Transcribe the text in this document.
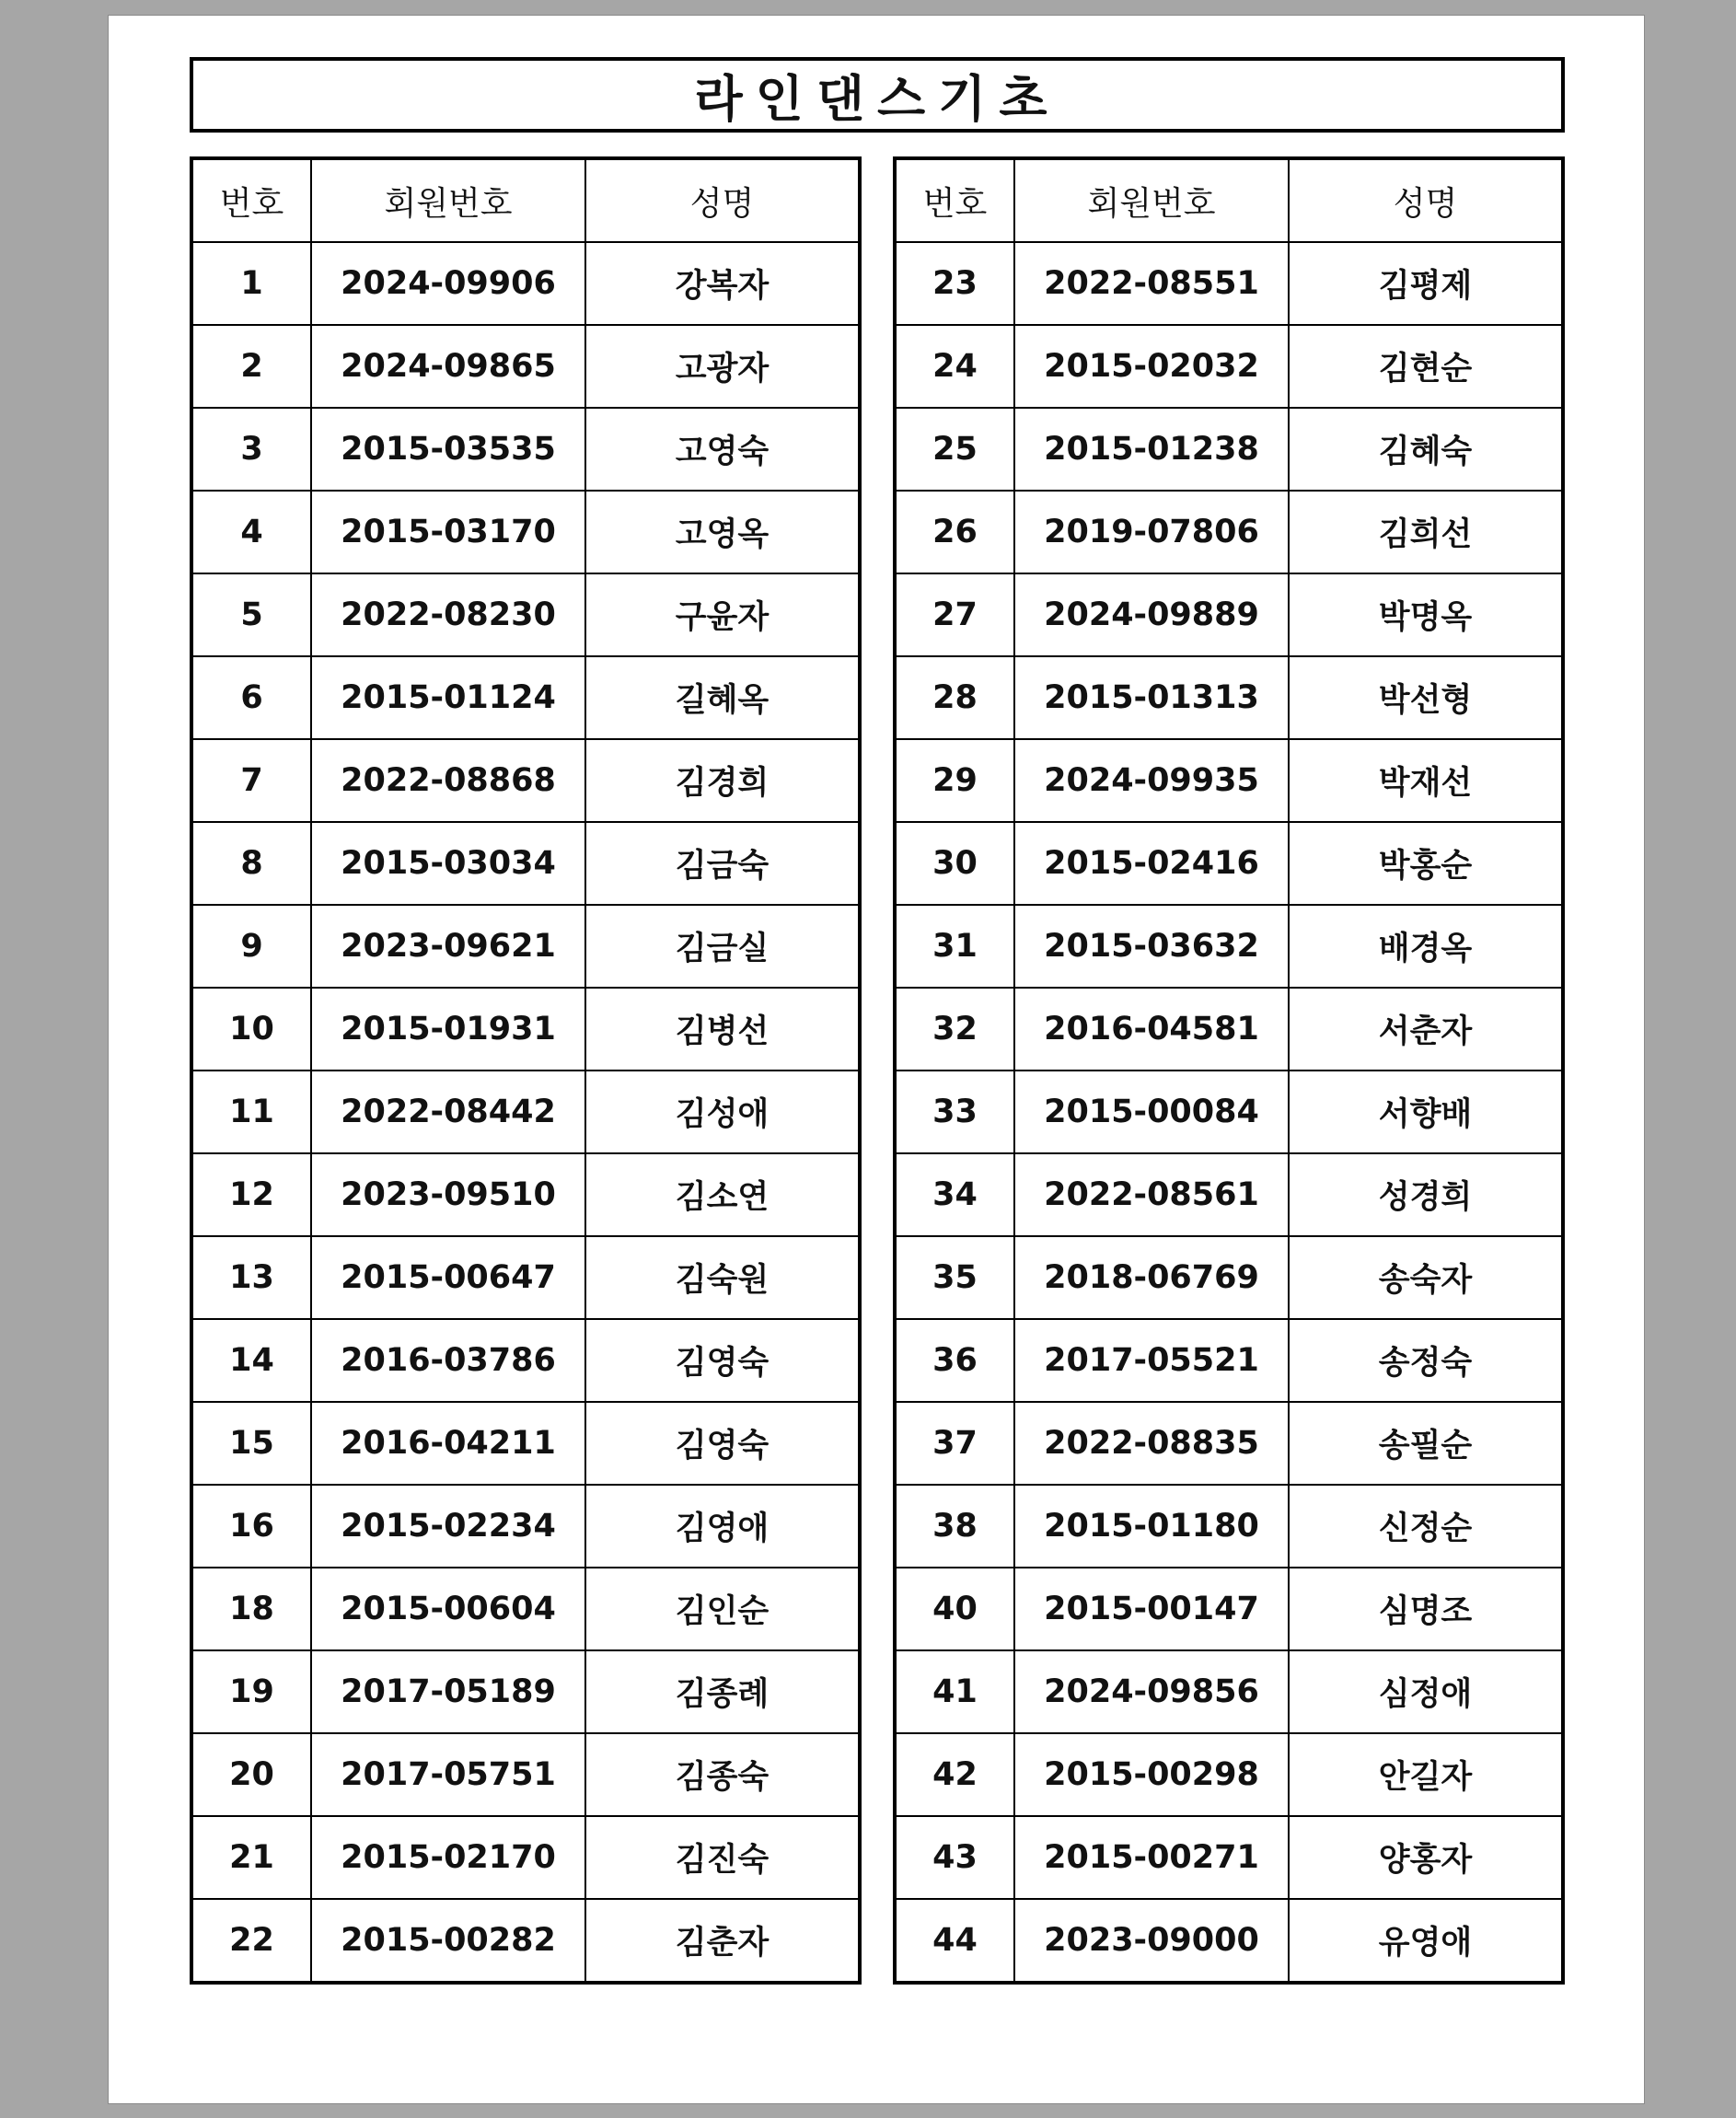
라인댄스기초
번호	회원번호	성명
1	2024-09906	강복자
2	2024-09865	고광자
3	2015-03535	고영숙
4	2015-03170	고영옥
5	2022-08230	구윤자
6	2015-01124	길혜옥
7	2022-08868	김경희
8	2015-03034	김금숙
9	2023-09621	김금실
10	2015-01931	김병선
11	2022-08442	김성애
12	2023-09510	김소연
13	2015-00647	김숙원
14	2016-03786	김영숙
15	2016-04211	김영숙
16	2015-02234	김영애
18	2015-00604	김인순
19	2017-05189	김종례
20	2017-05751	김종숙
21	2015-02170	김진숙
22	2015-00282	김춘자
번호	회원번호	성명
23	2022-08551	김평제
24	2015-02032	김현순
25	2015-01238	김혜숙
26	2019-07806	김희선
27	2024-09889	박명옥
28	2015-01313	박선형
29	2024-09935	박재선
30	2015-02416	박홍순
31	2015-03632	배경옥
32	2016-04581	서춘자
33	2015-00084	서향배
34	2022-08561	성경희
35	2018-06769	송숙자
36	2017-05521	송정숙
37	2022-08835	송필순
38	2015-01180	신정순
40	2015-00147	심명조
41	2024-09856	심정애
42	2015-00298	안길자
43	2015-00271	양홍자
44	2023-09000	유영애
